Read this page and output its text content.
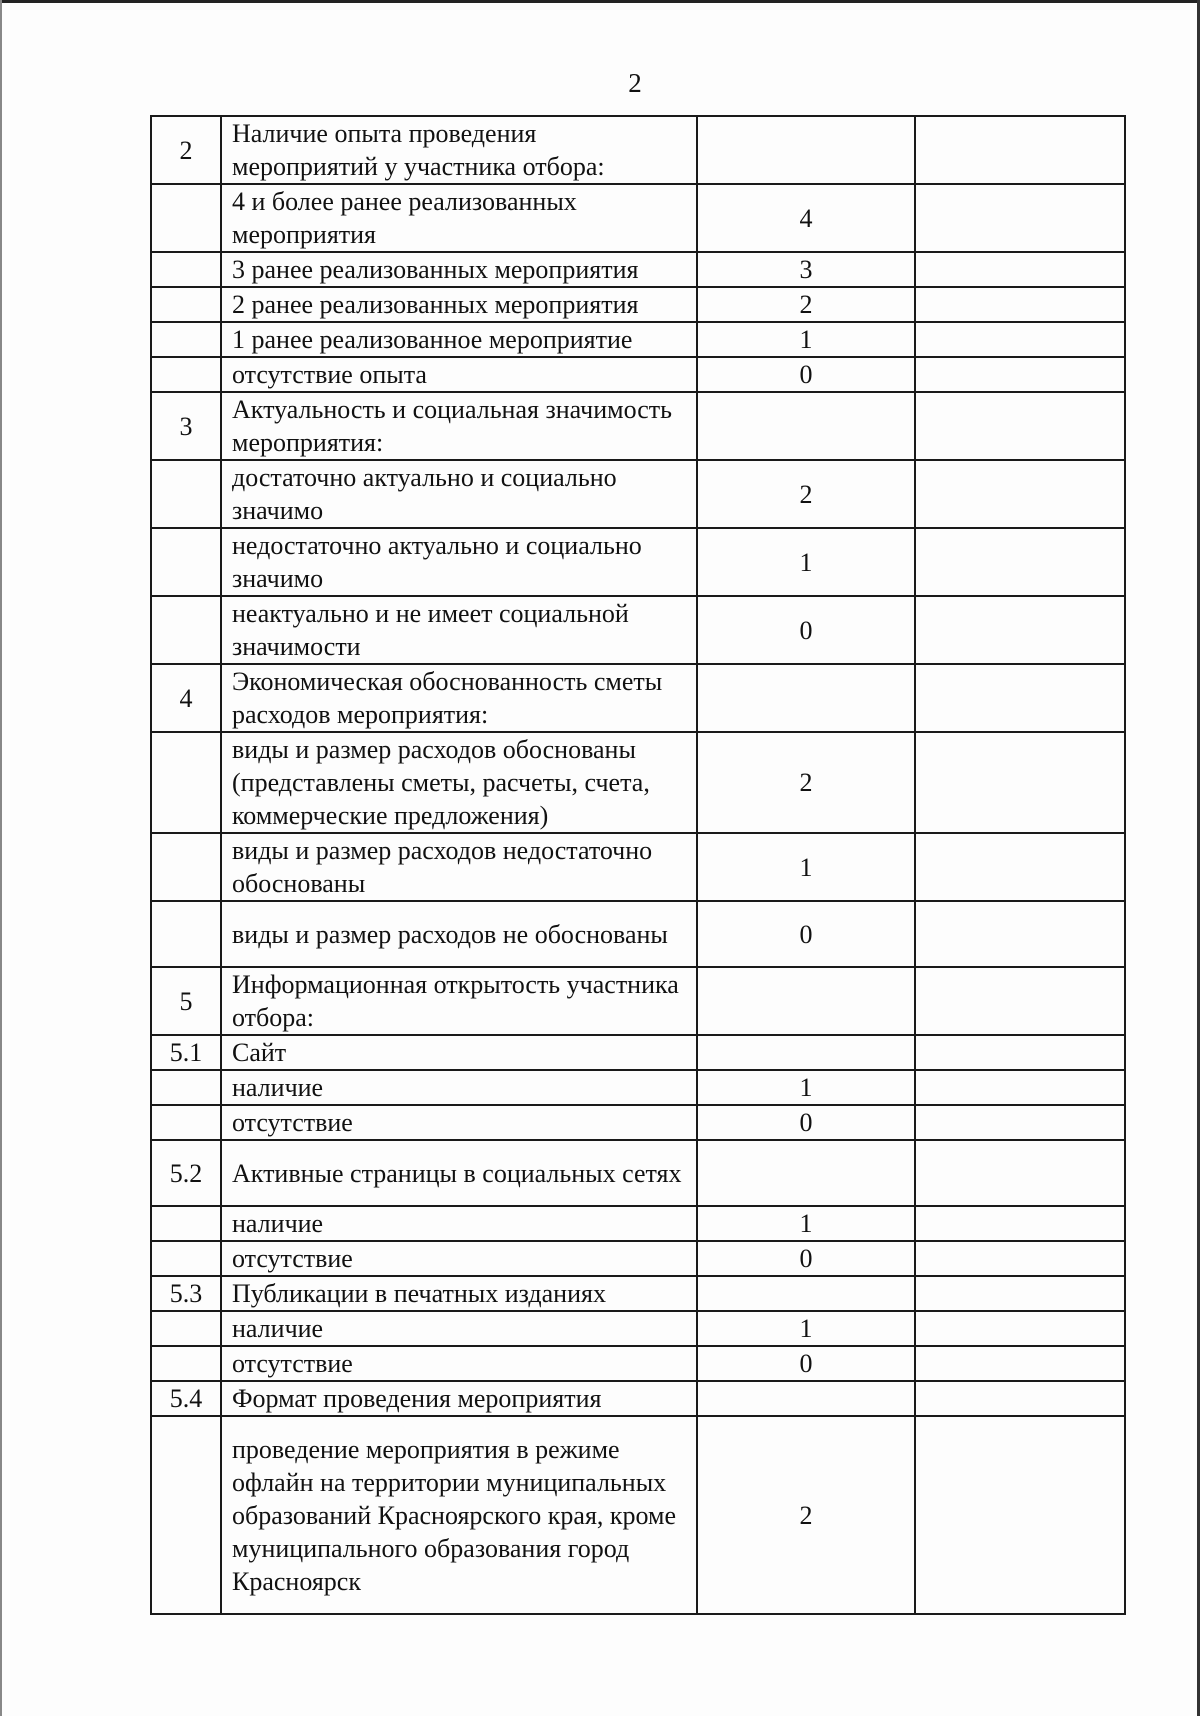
2
2	Наличие опыта проведения мероприятий у участника отбора:		
	4 и более ранее реализованных мероприятия	4	
	3 ранее реализованных мероприятия	3	
	2 ранее реализованных мероприятия	2	
	1 ранее реализованное мероприятие	1	
	отсутствие опыта	0	
3	Актуальность и социальная значимость мероприятия:		
	достаточно актуально и социально значимо	2	
	недостаточно актуально и социально значимо	1	
	неактуально и не имеет социальной значимости	0	
4	Экономическая обоснованность сметы расходов мероприятия:		
	виды и размер расходов обоснованы (представлены сметы, расчеты, счета, коммерческие предложения)	2	
	виды и размер расходов недостаточно обоснованы	1	
	виды и размер расходов не обоснованы	0	
5	Информационная открытость участника отбора:		
5.1	Сайт		
	наличие	1	
	отсутствие	0	
5.2	Активные страницы в социальных сетях		
	наличие	1	
	отсутствие	0	
5.3	Публикации в печатных изданиях		
	наличие	1	
	отсутствие	0	
5.4	Формат проведения мероприятия		
	проведение мероприятия в режиме офлайн на территории муниципальных образований Красноярского края, кроме муниципального образования город Красноярск	2	
